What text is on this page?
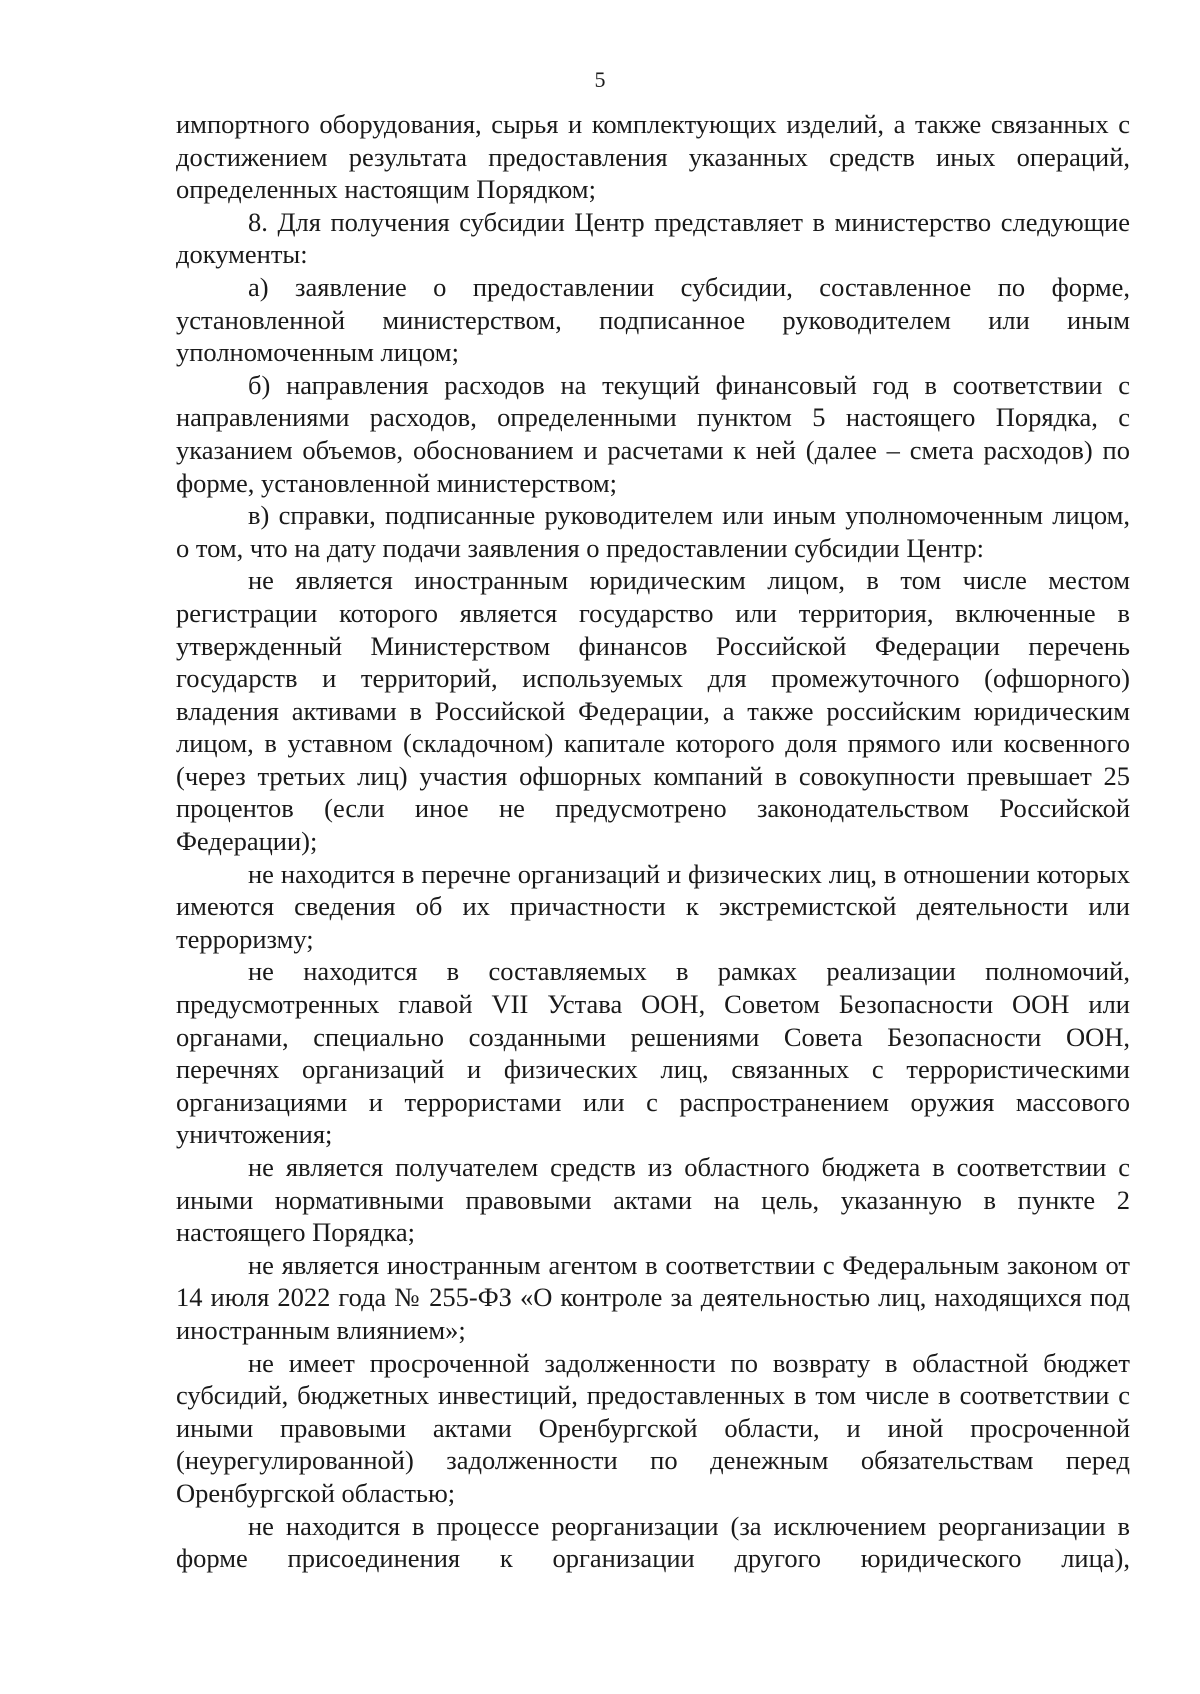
5

импортного оборудования, сырья и комплектующих изделий, а также связанных с достижением результата предоставления указанных средств иных операций, определенных настоящим Порядком;

8. Для получения субсидии Центр представляет в министерство следующие документы:

а) заявление о предоставлении субсидии, составленное по форме, установленной министерством, подписанное руководителем или иным уполномоченным лицом;

б) направления расходов на текущий финансовый год в соответствии с направлениями расходов, определенными пунктом 5 настоящего Порядка, с указанием объемов, обоснованием и расчетами к ней (далее – смета расходов) по форме, установленной министерством;

в) справки, подписанные руководителем или иным уполномоченным лицом, о том, что на дату подачи заявления о предоставлении субсидии Центр:

не является иностранным юридическим лицом, в том числе местом регистрации которого является государство или территория, включенные в утвержденный Министерством финансов Российской Федерации перечень государств и территорий, используемых для промежуточного (офшорного) владения активами в Российской Федерации, а также российским юридическим лицом, в уставном (складочном) капитале которого доля прямого или косвенного (через третьих лиц) участия офшорных компаний в совокупности превышает 25 процентов (если иное не предусмотрено законодательством Российской Федерации);

не находится в перечне организаций и физических лиц, в отношении которых имеются сведения об их причастности к экстремистской деятельности или терроризму;

не находится в составляемых в рамках реализации полномочий, предусмотренных главой VII Устава ООН, Советом Безопасности ООН или органами, специально созданными решениями Совета Безопасности ООН, перечнях организаций и физических лиц, связанных с террористическими организациями и террористами или с распространением оружия массового уничтожения;

не является получателем средств из областного бюджета в соответствии с иными нормативными правовыми актами на цель, указанную в пункте 2 настоящего Порядка;

не является иностранным агентом в соответствии с Федеральным законом от 14 июля 2022 года № 255-ФЗ «О контроле за деятельностью лиц, находящихся под иностранным влиянием»;

не имеет просроченной задолженности по возврату в областной бюджет субсидий, бюджетных инвестиций, предоставленных в том числе в соответствии с иными правовыми актами Оренбургской области, и иной просроченной (неурегулированной) задолженности по денежным обязательствам перед Оренбургской областью;

не находится в процессе реорганизации (за исключением реорганизации в форме присоединения к организации другого юридического лица),
